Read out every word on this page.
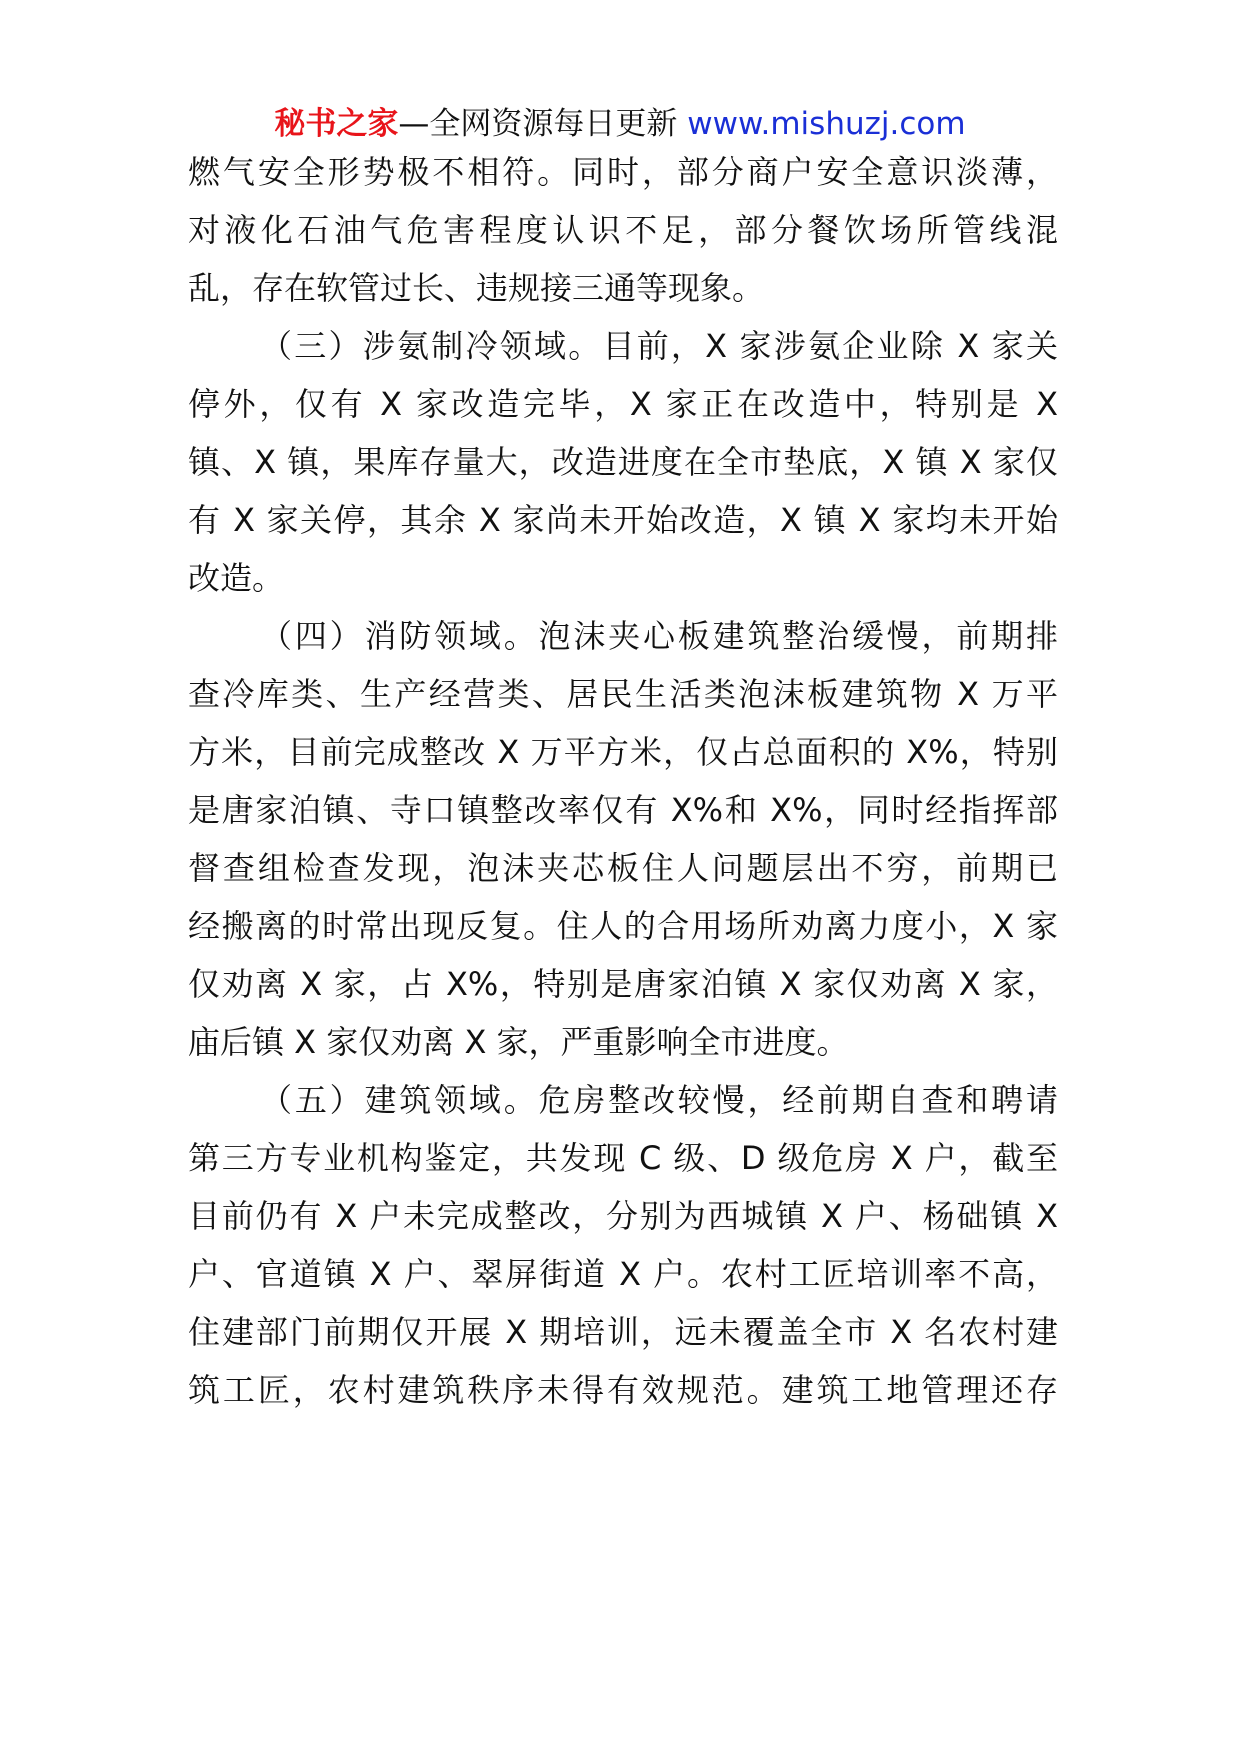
秘书之家—全网资源每日更新 www.mishuzj.com
燃气安全形势极不相符。同时，部分商户安全意识淡薄，
对液化石油气危害程度认识不足，部分餐饮场所管线混
乱，存在软管过长、违规接三通等现象。
（三）涉氨制冷领域。目前，X 家涉氨企业除 X 家关
停外，仅有 X 家改造完毕，X 家正在改造中，特别是 X
镇、X 镇，果库存量大，改造进度在全市垫底，X 镇 X 家仅
有 X 家关停，其余 X 家尚未开始改造，X 镇 X 家均未开始
改造。
（四）消防领域。泡沫夹心板建筑整治缓慢，前期排
查冷库类、生产经营类、居民生活类泡沫板建筑物 X 万平
方米，目前完成整改 X 万平方米，仅占总面积的 X%，特别
是唐家泊镇、寺口镇整改率仅有 X%和 X%，同时经指挥部
督查组检查发现，泡沫夹芯板住人问题层出不穷，前期已
经搬离的时常出现反复。住人的合用场所劝离力度小，X 家
仅劝离 X 家，占 X%，特别是唐家泊镇 X 家仅劝离 X 家，
庙后镇 X 家仅劝离 X 家，严重影响全市进度。
（五）建筑领域。危房整改较慢，经前期自查和聘请
第三方专业机构鉴定，共发现 C 级、D 级危房 X 户，截至
目前仍有 X 户未完成整改，分别为西城镇 X 户、杨础镇 X
户、官道镇 X 户、翠屏街道 X 户。农村工匠培训率不高，
住建部门前期仅开展 X 期培训，远未覆盖全市 X 名农村建
筑工匠，农村建筑秩序未得有效规范。建筑工地管理还存
